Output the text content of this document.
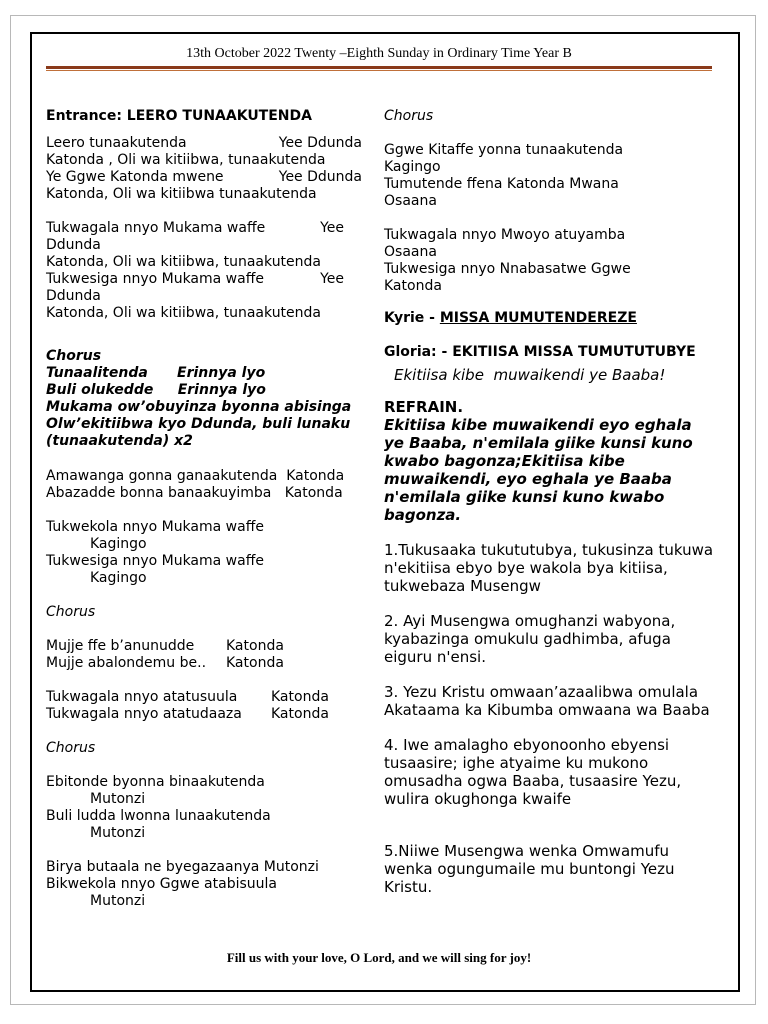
13th October 2022 Twenty –Eighth Sunday in Ordinary Time Year B
Entrance: LEERO TUNAAKUTENDA
Leero tunaakutenda	Yee Ddunda
Katonda , Oli wa kitiibwa, tunaakutenda
Ye Ggwe Katonda mwene	Yee Ddunda
Katonda, Oli wa kitiibwa tunaakutenda
Tukwagala nnyo Mukama waffe	Yee
Ddunda
Katonda, Oli wa kitiibwa, tunaakutenda
Tukwesiga nnyo Mukama waffe	Yee
Ddunda
Katonda, Oli wa kitiibwa, tunaakutenda
Chorus
Tunaalitenda      Erinnya lyo
Buli olukedde     Erinnya lyo
Mukama ow’obuyinza byonna abisinga
Olw’ekitiibwa kyo Ddunda, buli lunaku
(tunaakutenda) x2
Amawanga gonna ganaakutenda Katonda
Abazadde bonna banaakuyimba Katonda
Tukwekola nnyo Mukama waffe
Kagingo
Tukwesiga nnyo Mukama waffe
Kagingo
Chorus
Mujje ffe b’anunudde Katonda
Mujje abalondemu be.. Katonda
Tukwagala nnyo atatusuula Katonda
Tukwagala nnyo atatudaaza Katonda
Chorus
Ebitonde byonna binaakutenda
Mutonzi
Buli ludda lwonna lunaakutenda
Mutonzi
Birya butaala ne byegazaanya Mutonzi
Bikwekola nnyo Ggwe atabisuula
Mutonzi
Chorus
Ggwe Kitaffe yonna tunaakutenda
Kagingo
Tumutende ffena Katonda Mwana
Osaana
Tukwagala nnyo Mwoyo atuyamba
Osaana
Tukwesiga nnyo Nnabasatwe Ggwe
Katonda
Kyrie - MISSA MUMUTENDEREZE
Gloria: - EKITIISA MISSA TUMUTUTUBYE
Ekitiisa kibe  muwaikendi ye Baaba!
REFRAIN.
Ekitiisa kibe muwaikendi eyo eghala ye Baaba, n'emilala giike kunsi kuno kwabo bagonza;Ekitiisa kibe muwaikendi, eyo eghala ye Baaba n'emilala giike kunsi kuno kwabo bagonza.
1.Tukusaaka tukututubya, tukusinza tukuwa n'ekitiisa ebyo bye wakola bya kitiisa, tukwebaza Musengw
2. Ayi Musengwa omughanzi wabyona, kyabazinga omukulu gadhimba, afuga eiguru n'ensi.
3. Yezu Kristu omwaan’azaalibwa omulala Akataama ka Kibumba omwaana wa Baaba
4. Iwe amalagho ebyonoonho ebyensi tusaasire; ighe atyaime ku mukono omusadha ogwa Baaba, tusaasire Yezu, wulira okughonga kwaife
5.Niiwe Musengwa wenka Omwamufu wenka ogungumaile mu buntongi Yezu Kristu.
Fill us with your love, O Lord, and we will sing for joy!
